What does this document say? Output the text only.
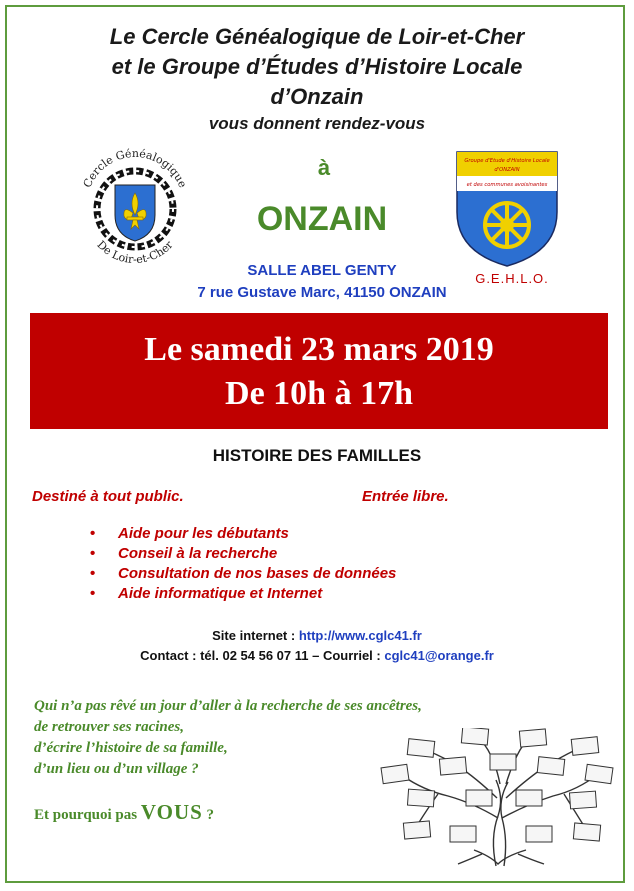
Le Cercle Généalogique de Loir-et-Cher
et le Groupe d’Études d’Histoire Locale
d’Onzain
vous donnent rendez-vous
Cercle Généalogique
De Loir-et-Cher
à
ONZAIN
Groupe d'Etude d'Histoire Locale
d'ONZAIN
et des communes avoisinantes
G.E.H.L.O.
SALLE ABEL GENTY
7 rue Gustave Marc, 41150 ONZAIN
Le samedi 23 mars 2019
De 10h à 17h
HISTOIRE DES FAMILLES
Destiné à tout public.	Entrée libre.
• Aide pour les débutants
• Conseil à la recherche
• Consultation de nos bases de données
• Aide informatique et Internet
Site internet : http://www.cglc41.fr
Contact : tél. 02 54 56 07 11 – Courriel : cglc41@orange.fr
Qui n’a pas rêvé un jour d’aller à la recherche de ses ancêtres,
de retrouver ses racines,
d’écrire l’histoire de sa famille,
d’un lieu ou d’un village ?
Et pourquoi pas VOUS ?
